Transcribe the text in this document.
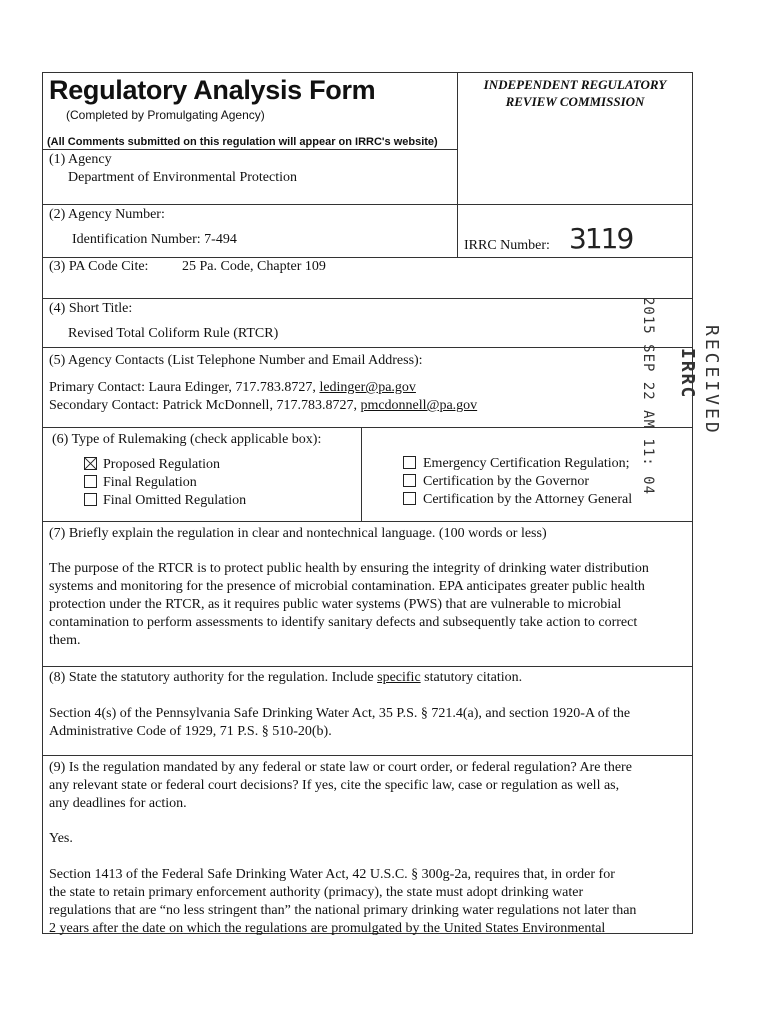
Regulatory Analysis Form
(Completed by Promulgating Agency)
(All Comments submitted on this regulation will appear on IRRC's website)
INDEPENDENT REGULATORY
REVIEW COMMISSION
(1) Agency
Department of Environmental Protection
(2) Agency Number:
Identification Number: 7-494	IRRC Number: 3119
(3) PA Code Cite: 25 Pa. Code, Chapter 109
(4) Short Title:
Revised Total Coliform Rule (RTCR)
(5) Agency Contacts (List Telephone Number and Email Address):
Primary Contact: Laura Edinger, 717.783.8727, ledinger@pa.gov
Secondary Contact: Patrick McDonnell, 717.783.8727, pmcdonnell@pa.gov
(6) Type of Rulemaking (check applicable box):
Proposed Regulation
Final Regulation
Final Omitted Regulation
Emergency Certification Regulation;
Certification by the Governor
Certification by the Attorney General
(7) Briefly explain the regulation in clear and nontechnical language. (100 words or less)
The purpose of the RTCR is to protect public health by ensuring the integrity of drinking water distribution
systems and monitoring for the presence of microbial contamination. EPA anticipates greater public health
protection under the RTCR, as it requires public water systems (PWS) that are vulnerable to microbial
contamination to perform assessments to identify sanitary defects and subsequently take action to correct
them.
(8) State the statutory authority for the regulation. Include specific statutory citation.
Section 4(s) of the Pennsylvania Safe Drinking Water Act, 35 P.S. § 721.4(a), and section 1920-A of the
Administrative Code of 1929, 71 P.S. § 510-20(b).
(9) Is the regulation mandated by any federal or state law or court order, or federal regulation? Are there
any relevant state or federal court decisions? If yes, cite the specific law, case or regulation as well as,
any deadlines for action.
Yes.
Section 1413 of the Federal Safe Drinking Water Act, 42 U.S.C. § 300g-2a, requires that, in order for
the state to retain primary enforcement authority (primacy), the state must adopt drinking water
regulations that are “no less stringent than” the national primary drinking water regulations not later than
2 years after the date on which the regulations are promulgated by the United States Environmental
2015 SEP 22 AM 11: 04	RECEIVED
IRRC
